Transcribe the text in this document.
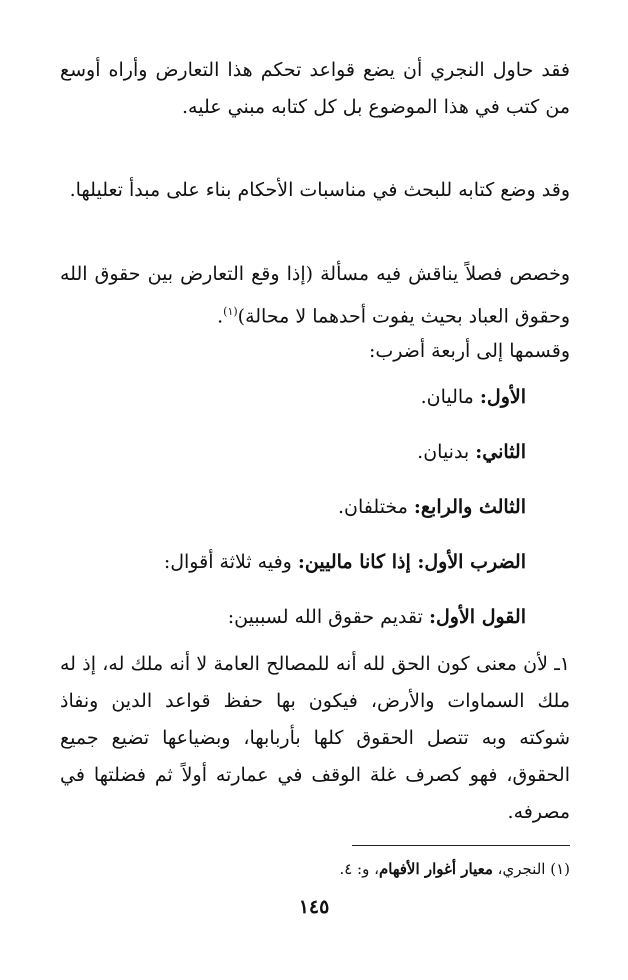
فقد حاول النجري أن يضع قواعد تحكم هذا التعارض وأراه أوسع من كتب في هذا الموضوع بل كل كتابه مبني عليه.
وقد وضع كتابه للبحث في مناسبات الأحكام بناء على مبدأ تعليلها.
وخصص فصلاً يناقش فيه مسألة (إذا وقع التعارض بين حقوق الله وحقوق العباد بحيث يفوت أحدهما لا محالة)$^{(١)}$.
وقسمها إلى أربعة أضرب:
الأول: ماليان.
الثاني: بدنيان.
الثالث والرابع: مختلفان.
الضرب الأول: إذا كانا ماليين: وفيه ثلاثة أقوال:
القول الأول: تقديم حقوق الله لسببين:
١ـ لأن معنى كون الحق لله أنه للمصالح العامة لا أنه ملك له، إذ له ملك السماوات والأرض، فيكون بها حفظ قواعد الدين ونفاذ شوكته وبه تتصل الحقوق كلها بأربابها، وبضياعها تضيع جميع الحقوق، فهو كصرف غلة الوقف في عمارته أولاً ثم فضلتها في مصرفه.
(١) النجري، معيار أغوار الأفهام، و: ٤.
١٤٥
